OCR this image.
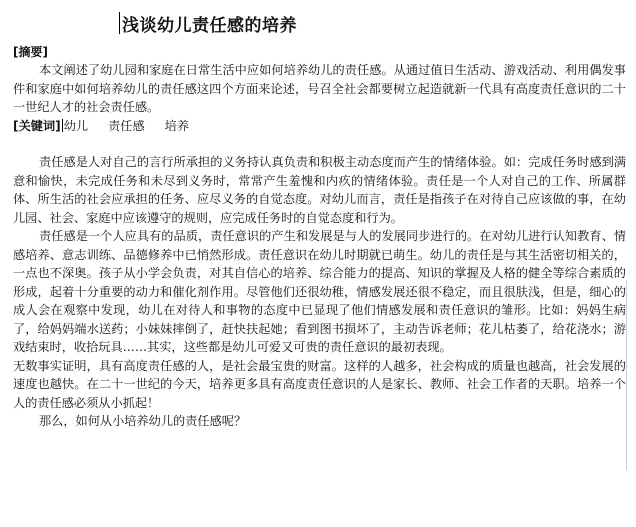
浅谈幼儿责任感的培养
[摘要]

本文阐述了幼儿园和家庭在日常生活中应如何培养幼儿的责任感。从通过值日生活动、游戏活动、利用偶发事件和家庭中如何培养幼儿的责任感这四个方面来论述，号召全社会都要树立起造就新一代具有高度责任意识的二十一世纪人才的社会责任感。

[关键词] 幼儿 责任感 培养

责任感是人对自己的言行所承担的义务持认真负责和积极主动态度而产生的情绪体验。如：完成任务时感到满意和愉快，未完成任务和未尽到义务时，常常产生羞愧和内疚的情绪体验。责任是一个人对自己的工作、所属群体、所生活的社会应承担的任务、应尽义务的自觉态度。对幼儿而言，责任是指孩子在对待自己应该做的事，在幼儿园、社会、家庭中应该遵守的规则，应完成任务时的自觉态度和行为。

责任感是一个人应具有的品质，责任意识的产生和发展是与人的发展同步进行的。在对幼儿进行认知教育、情感培养、意志训练、品德修养中已悄然形成。责任意识在幼儿时期就已萌生。幼儿的责任是与其生活密切相关的，一点也不深奥。孩子从小学会负责，对其自信心的培养、综合能力的提高、知识的掌握及人格的健全等综合素质的形成，起着十分重要的动力和催化剂作用。尽管他们还很幼稚，情感发展还很不稳定，而且很肤浅，但是，细心的成人会在观察中发现，幼儿在对待人和事物的态度中已显现了他们情感发展和责任意识的雏形。比如：妈妈生病了，给妈妈端水送药；小妹妹摔倒了，赶快扶起她；看到图书损坏了，主动告诉老师；花儿枯萎了，给花浇水；游戏结束时，收拾玩具……其实，这些都是幼儿可爱又可贵的责任意识的最初表现。

无数事实证明，具有高度责任感的人，是社会最宝贵的财富。这样的人越多，社会构成的质量也越高，社会发展的速度也越快。在二十一世纪的今天，培养更多具有高度责任意识的人是家长、教师、社会工作者的天职。培养一个人的责任感必须从小抓起！

那么，如何从小培养幼儿的责任感呢？
